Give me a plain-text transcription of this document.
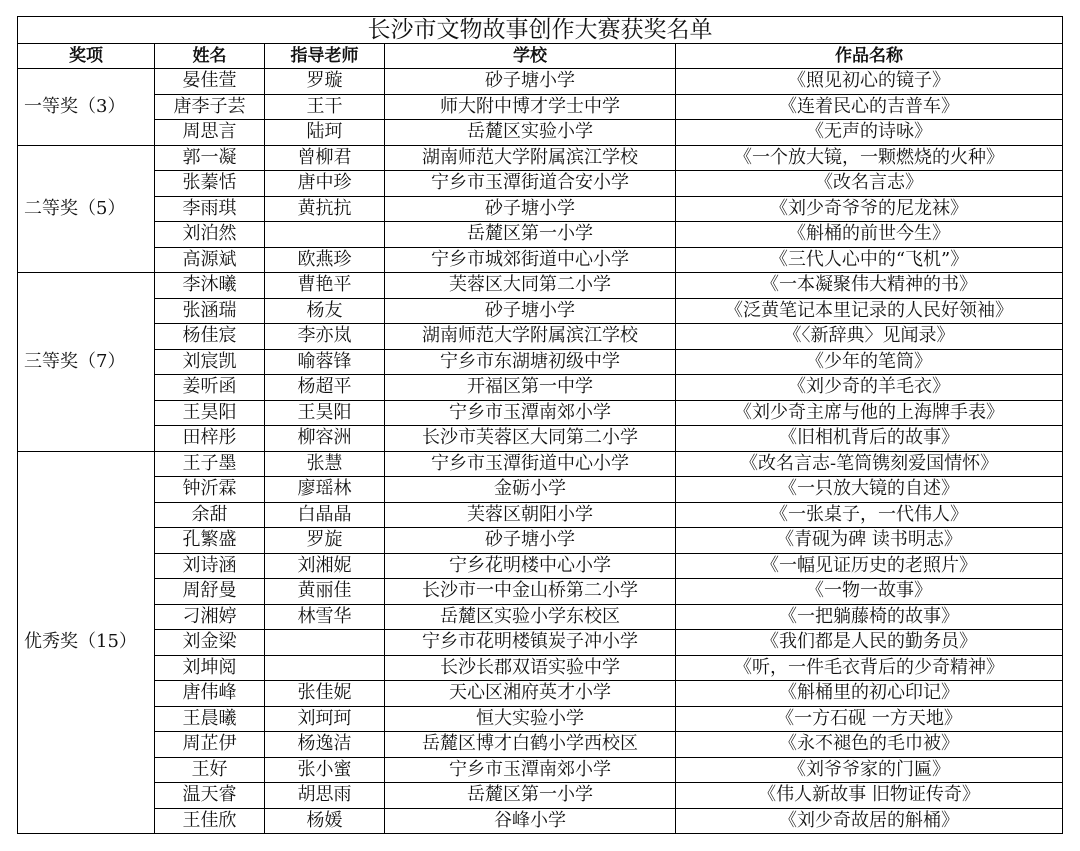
长沙市文物故事创作大赛获奖名单				
奖项	姓名	指导老师	学校	作品名称
一等奖（3）	晏佳萱	罗璇	砂子塘小学	《照见初心的镜子》
	唐李子芸	王干	师大附中博才学士中学	《连着民心的吉普车》
	周思言	陆珂	岳麓区实验小学	《无声的诗咏》
二等奖（5）	郭一凝	曾柳君	湖南师范大学附属滨江学校	《一个放大镜，一颗燃烧的火种》
	张蓁恬	唐中珍	宁乡市玉潭街道合安小学	《改名言志》
	李雨琪	黄抗抗	砂子塘小学	《刘少奇爷爷的尼龙袜》
	刘泊然		岳麓区第一小学	《斛桶的前世今生》
	高源斌	欧燕珍	宁乡市城郊街道中心小学	《三代人心中的“飞机”》
三等奖（7）	李沐曦	曹艳平	芙蓉区大同第二小学	《一本凝聚伟大精神的书》
	张涵瑞	杨友	砂子塘小学	《泛黄笔记本里记录的人民好领袖》
	杨佳宸	李亦岚	湖南师范大学附属滨江学校	《〈新辞典〉见闻录》
	刘宸凯	喻蓉锋	宁乡市东湖塘初级中学	《少年的笔筒》
	姜听函	杨超平	开福区第一中学	《刘少奇的羊毛衣》
	王昊阳	王昊阳	宁乡市玉潭南郊小学	《刘少奇主席与他的上海牌手表》
	田梓彤	柳容洲	长沙市芙蓉区大同第二小学	《旧相机背后的故事》
优秀奖（15）	王子墨	张慧	宁乡市玉潭街道中心小学	《改名言志-笔筒镌刻爱国情怀》
	钟沂霖	廖瑶林	金砺小学	《一只放大镜的自述》
	余甜	白晶晶	芙蓉区朝阳小学	《一张桌子，一代伟人》
	孔繁盛	罗旋	砂子塘小学	《青砚为碑 读书明志》
	刘诗涵	刘湘妮	宁乡花明楼中心小学	《一幅见证历史的老照片》
	周舒曼	黄丽佳	长沙市一中金山桥第二小学	《一物一故事》
	刁湘婷	林雪华	岳麓区实验小学东校区	《一把躺藤椅的故事》
	刘金梁		宁乡市花明楼镇炭子冲小学	《我们都是人民的勤务员》
	刘坤阅		长沙长郡双语实验中学	《听，一件毛衣背后的少奇精神》
	唐伟峰	张佳妮	天心区湘府英才小学	《斛桶里的初心印记》
	王晨曦	刘珂珂	恒大实验小学	《一方石砚 一方天地》
	周芷伊	杨逸洁	岳麓区博才白鹤小学西校区	《永不褪色的毛巾被》
	王好	张小蜜	宁乡市玉潭南郊小学	《刘爷爷家的门匾》
	温天睿	胡思雨	岳麓区第一小学	《伟人新故事 旧物证传奇》
	王佳欣	杨媛	谷峰小学	《刘少奇故居的斛桶》
